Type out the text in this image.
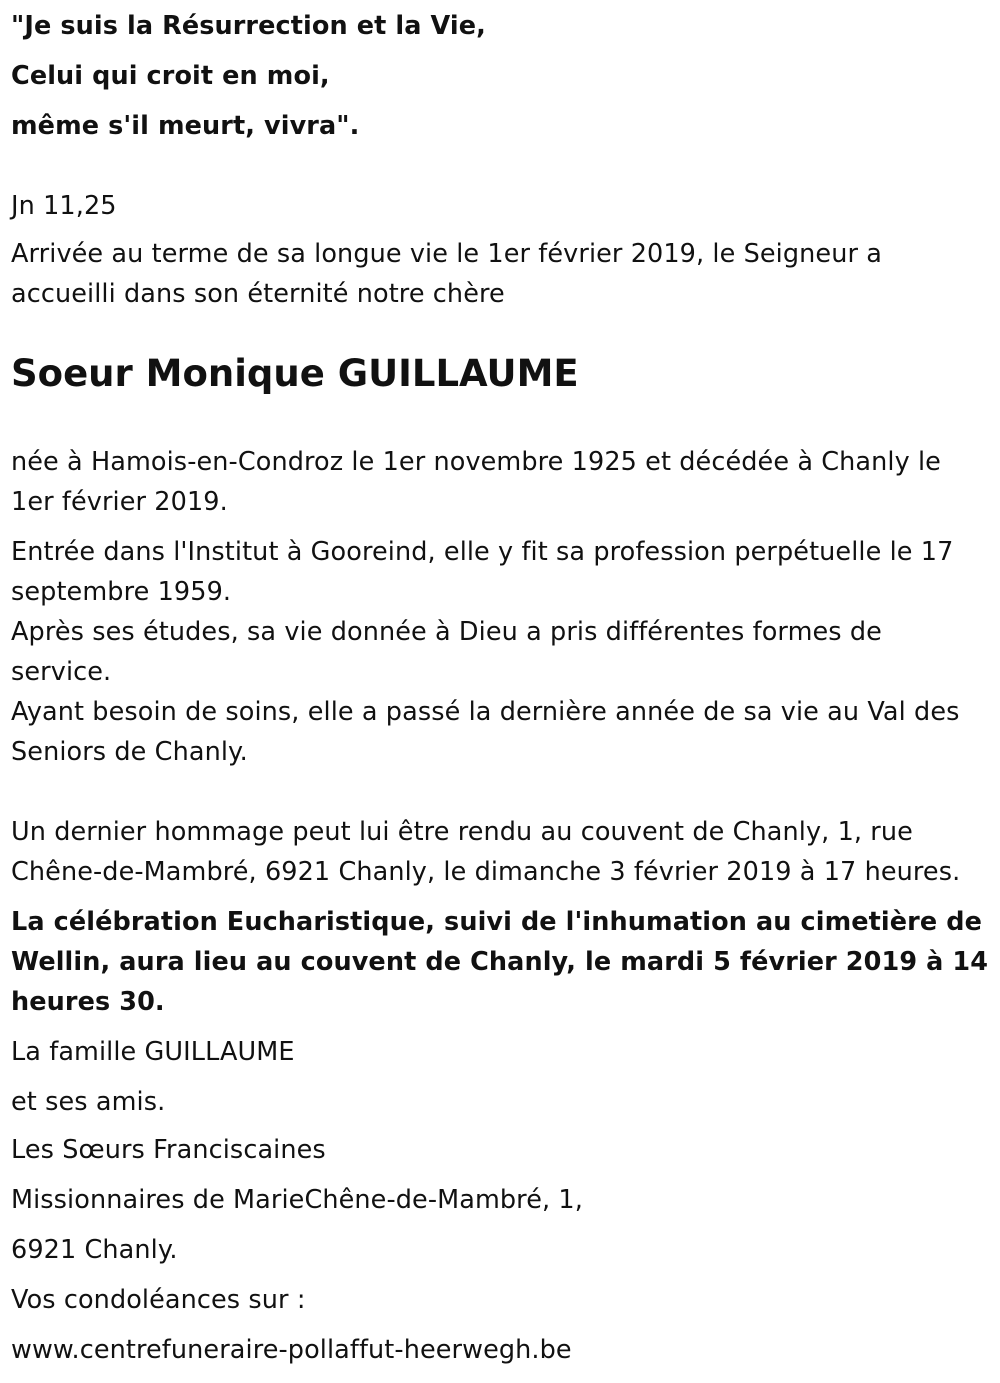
"Je suis la Résurrection et la Vie,
Celui qui croit en moi,
même s'il meurt, vivra".
Jn 11,25
Arrivée au terme de sa longue vie le 1er février 2019, le Seigneur a
accueilli dans son éternité notre chère
Soeur Monique GUILLAUME
née à Hamois-en-Condroz le 1er novembre 1925 et décédée à Chanly le
1er février 2019.
Entrée dans l'Institut à Gooreind, elle y fit sa profession perpétuelle le 17
septembre 1959.
Après ses études, sa vie donnée à Dieu a pris différentes formes de
service.
Ayant besoin de soins, elle a passé la dernière année de sa vie au Val des
Seniors de Chanly.
Un dernier hommage peut lui être rendu au couvent de Chanly, 1, rue
Chêne-de-Mambré, 6921 Chanly, le dimanche 3 février 2019 à 17 heures.
La célébration Eucharistique, suivi de l'inhumation au cimetière de
Wellin, aura lieu au couvent de Chanly, le mardi 5 février 2019 à 14
heures 30.
La famille GUILLAUME
et ses amis.
Les Sœurs Franciscaines
Missionnaires de MarieChêne-de-Mambré, 1,
6921 Chanly.
Vos condoléances sur :
www.centrefuneraire-pollaffut-heerwegh.be
